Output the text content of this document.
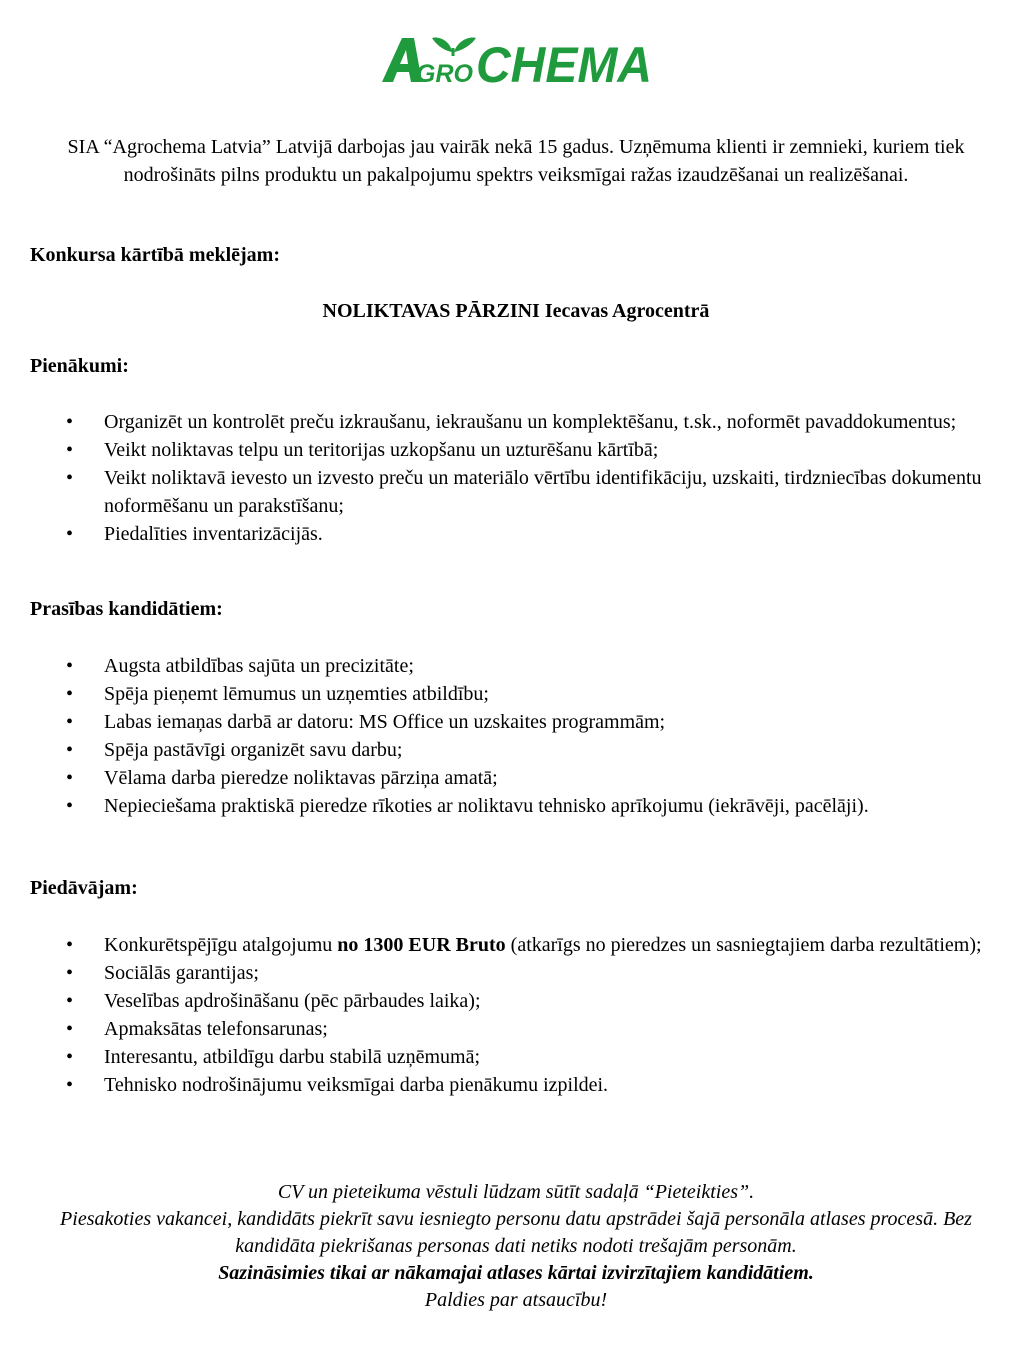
GRO CHEMA

SIA “Agrochema Latvia” Latvijā darbojas jau vairāk nekā 15 gadus. Uzņēmuma klienti ir zemnieki, kuriem tiek nodrošināts pilns produktu un pakalpojumu spektrs veiksmīgai ražas izaudzēšanai un realizēšanai.

Konkursa kārtībā meklējam:

NOLIKTAVAS PĀRZINI Iecavas Agrocentrā

Pienākumi:

• Organizēt un kontrolēt preču izkraušanu, iekraušanu un komplektēšanu, t.sk., noformēt pavaddokumentus;
• Veikt noliktavas telpu un teritorijas uzkopšanu un uzturēšanu kārtībā;
• Veikt noliktavā ievesto un izvesto preču un materiālo vērtību identifikāciju, uzskaiti, tirdzniecības dokumentu noformēšanu un parakstīšanu;
• Piedalīties inventarizācijās.

Prasības kandidātiem:

• Augsta atbildības sajūta un precizitāte;
• Spēja pieņemt lēmumus un uzņemties atbildību;
• Labas iemaņas darbā ar datoru: MS Office un uzskaites programmām;
• Spēja pastāvīgi organizēt savu darbu;
• Vēlama darba pieredze noliktavas pārziņa amatā;
• Nepieciešama praktiskā pieredze rīkoties ar noliktavu tehnisko aprīkojumu (iekrāvēji, pacēlāji).

Piedāvājam:

• Konkurētspējīgu atalgojumu no 1300 EUR Bruto (atkarīgs no pieredzes un sasniegtajiem darba rezultātiem);
• Sociālās garantijas;
• Veselības apdrošināšanu (pēc pārbaudes laika);
• Apmaksātas telefonsarunas;
• Interesantu, atbildīgu darbu stabilā uzņēmumā;
• Tehnisko nodrošinājumu veiksmīgai darba pienākumu izpildei.

CV un pieteikuma vēstuli lūdzam sūtīt sadaļā “Pieteikties”.

Piesakoties vakancei, kandidāts piekrīt savu iesniegto personu datu apstrādei šajā personāla atlases procesā. Bez kandidāta piekrišanas personas dati netiks nodoti trešajām personām.

Sazināsimies tikai ar nākamajai atlases kārtai izvirzītajiem kandidātiem.

Paldies par atsaucību!
